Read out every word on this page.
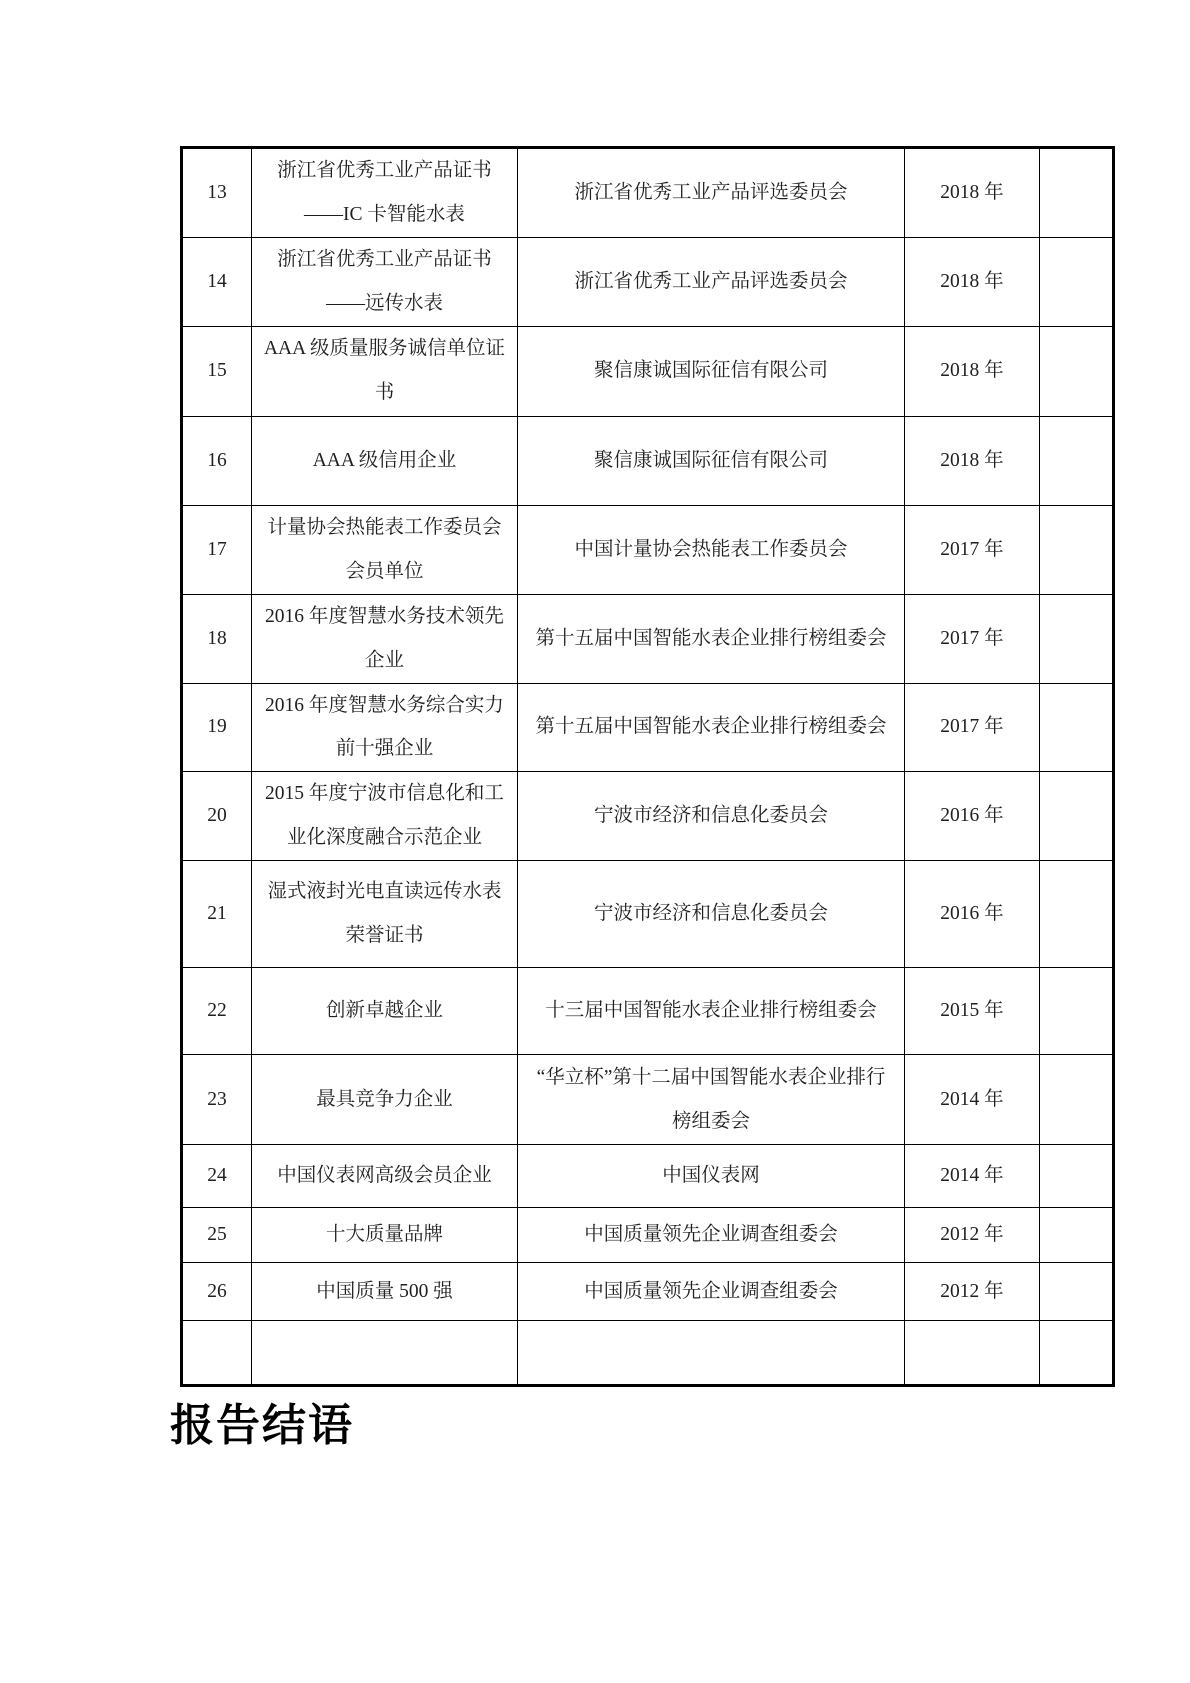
13	浙江省优秀工业产品证书——IC 卡智能水表	浙江省优秀工业产品评选委员会	2018 年	
14	浙江省优秀工业产品证书——远传水表	浙江省优秀工业产品评选委员会	2018 年	
15	AAA 级质量服务诚信单位证书	聚信康诚国际征信有限公司	2018 年	
16	AAA 级信用企业	聚信康诚国际征信有限公司	2018 年	
17	计量协会热能表工作委员会会员单位	中国计量协会热能表工作委员会	2017 年	
18	2016 年度智慧水务技术领先企业	第十五届中国智能水表企业排行榜组委会	2017 年	
19	2016 年度智慧水务综合实力前十强企业	第十五届中国智能水表企业排行榜组委会	2017 年	
20	2015 年度宁波市信息化和工业化深度融合示范企业	宁波市经济和信息化委员会	2016 年	
21	湿式液封光电直读远传水表荣誉证书	宁波市经济和信息化委员会	2016 年	
22	创新卓越企业	十三届中国智能水表企业排行榜组委会	2015 年	
23	最具竞争力企业	“华立杯”第十二届中国智能水表企业排行榜组委会	2014 年	
24	中国仪表网高级会员企业	中国仪表网	2014 年	
25	十大质量品牌	中国质量领先企业调查组委会	2012 年	
26	中国质量 500 强	中国质量领先企业调查组委会	2012 年	

报告结语
